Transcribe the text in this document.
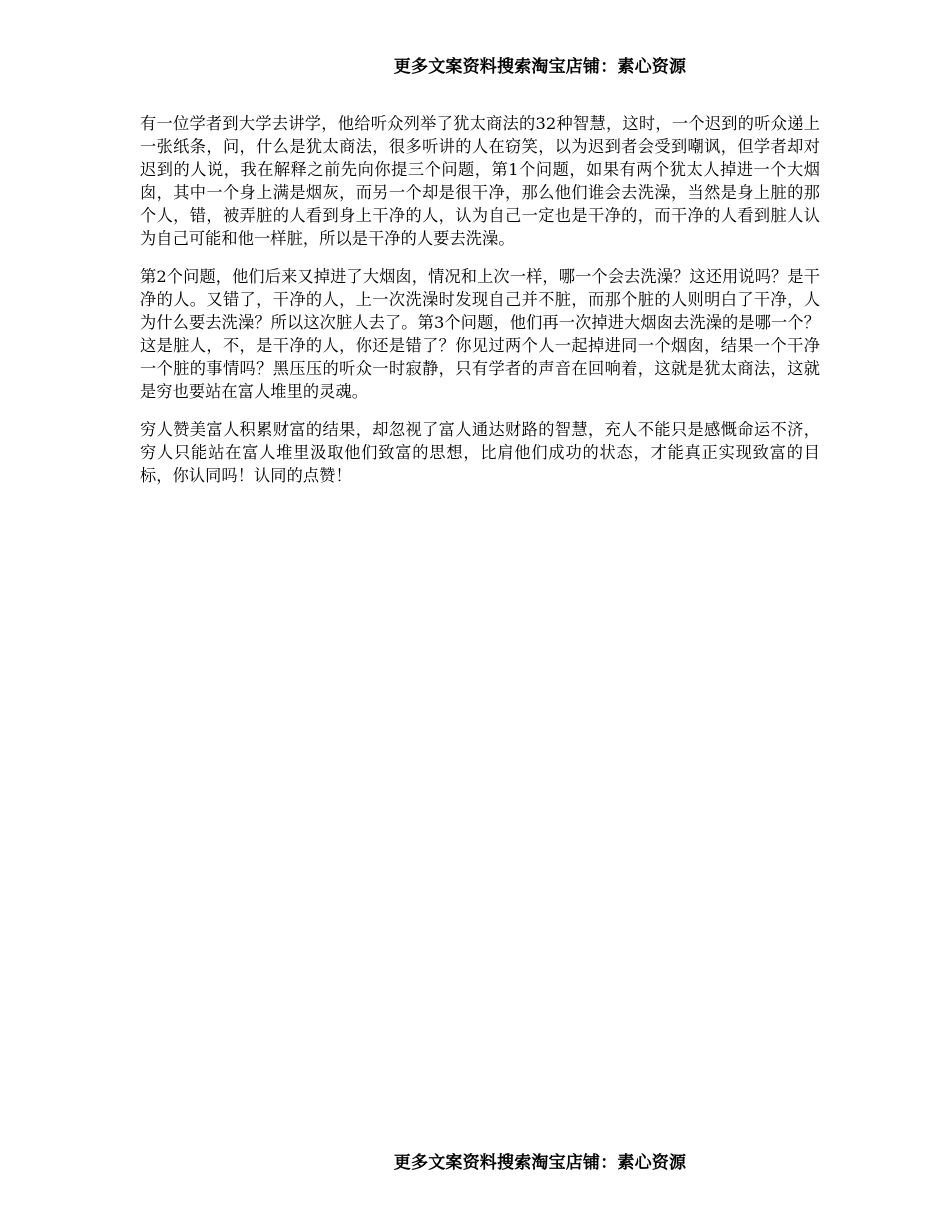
更多文案资料搜索淘宝店铺：素心资源

有一位学者到大学去讲学，他给听众列举了犹太商法的32种智慧，这时，一个迟到的听众递上一张纸条，问，什么是犹太商法，很多听讲的人在窃笑，以为迟到者会受到嘲讽，但学者却对迟到的人说，我在解释之前先向你提三个问题，第1个问题，如果有两个犹太人掉进一个大烟囱，其中一个身上满是烟灰，而另一个却是很干净，那么他们谁会去洗澡，当然是身上脏的那个人，错，被弄脏的人看到身上干净的人，认为自己一定也是干净的，而干净的人看到脏人认为自己可能和他一样脏，所以是干净的人要去洗澡。

第2个问题，他们后来又掉进了大烟囱，情况和上次一样，哪一个会去洗澡？这还用说吗？是干净的人。又错了，干净的人，上一次洗澡时发现自己并不脏，而那个脏的人则明白了干净，人为什么要去洗澡？所以这次脏人去了。第3个问题，他们再一次掉进大烟囱去洗澡的是哪一个？这是脏人，不，是干净的人，你还是错了？你见过两个人一起掉进同一个烟囱，结果一个干净一个脏的事情吗？黑压压的听众一时寂静，只有学者的声音在回响着，这就是犹太商法，这就是穷也要站在富人堆里的灵魂。

穷人赞美富人积累财富的结果，却忽视了富人通达财路的智慧，充人不能只是感慨命运不济，穷人只能站在富人堆里汲取他们致富的思想，比肩他们成功的状态，才能真正实现致富的目标，你认同吗！认同的点赞！

更多文案资料搜索淘宝店铺：素心资源
